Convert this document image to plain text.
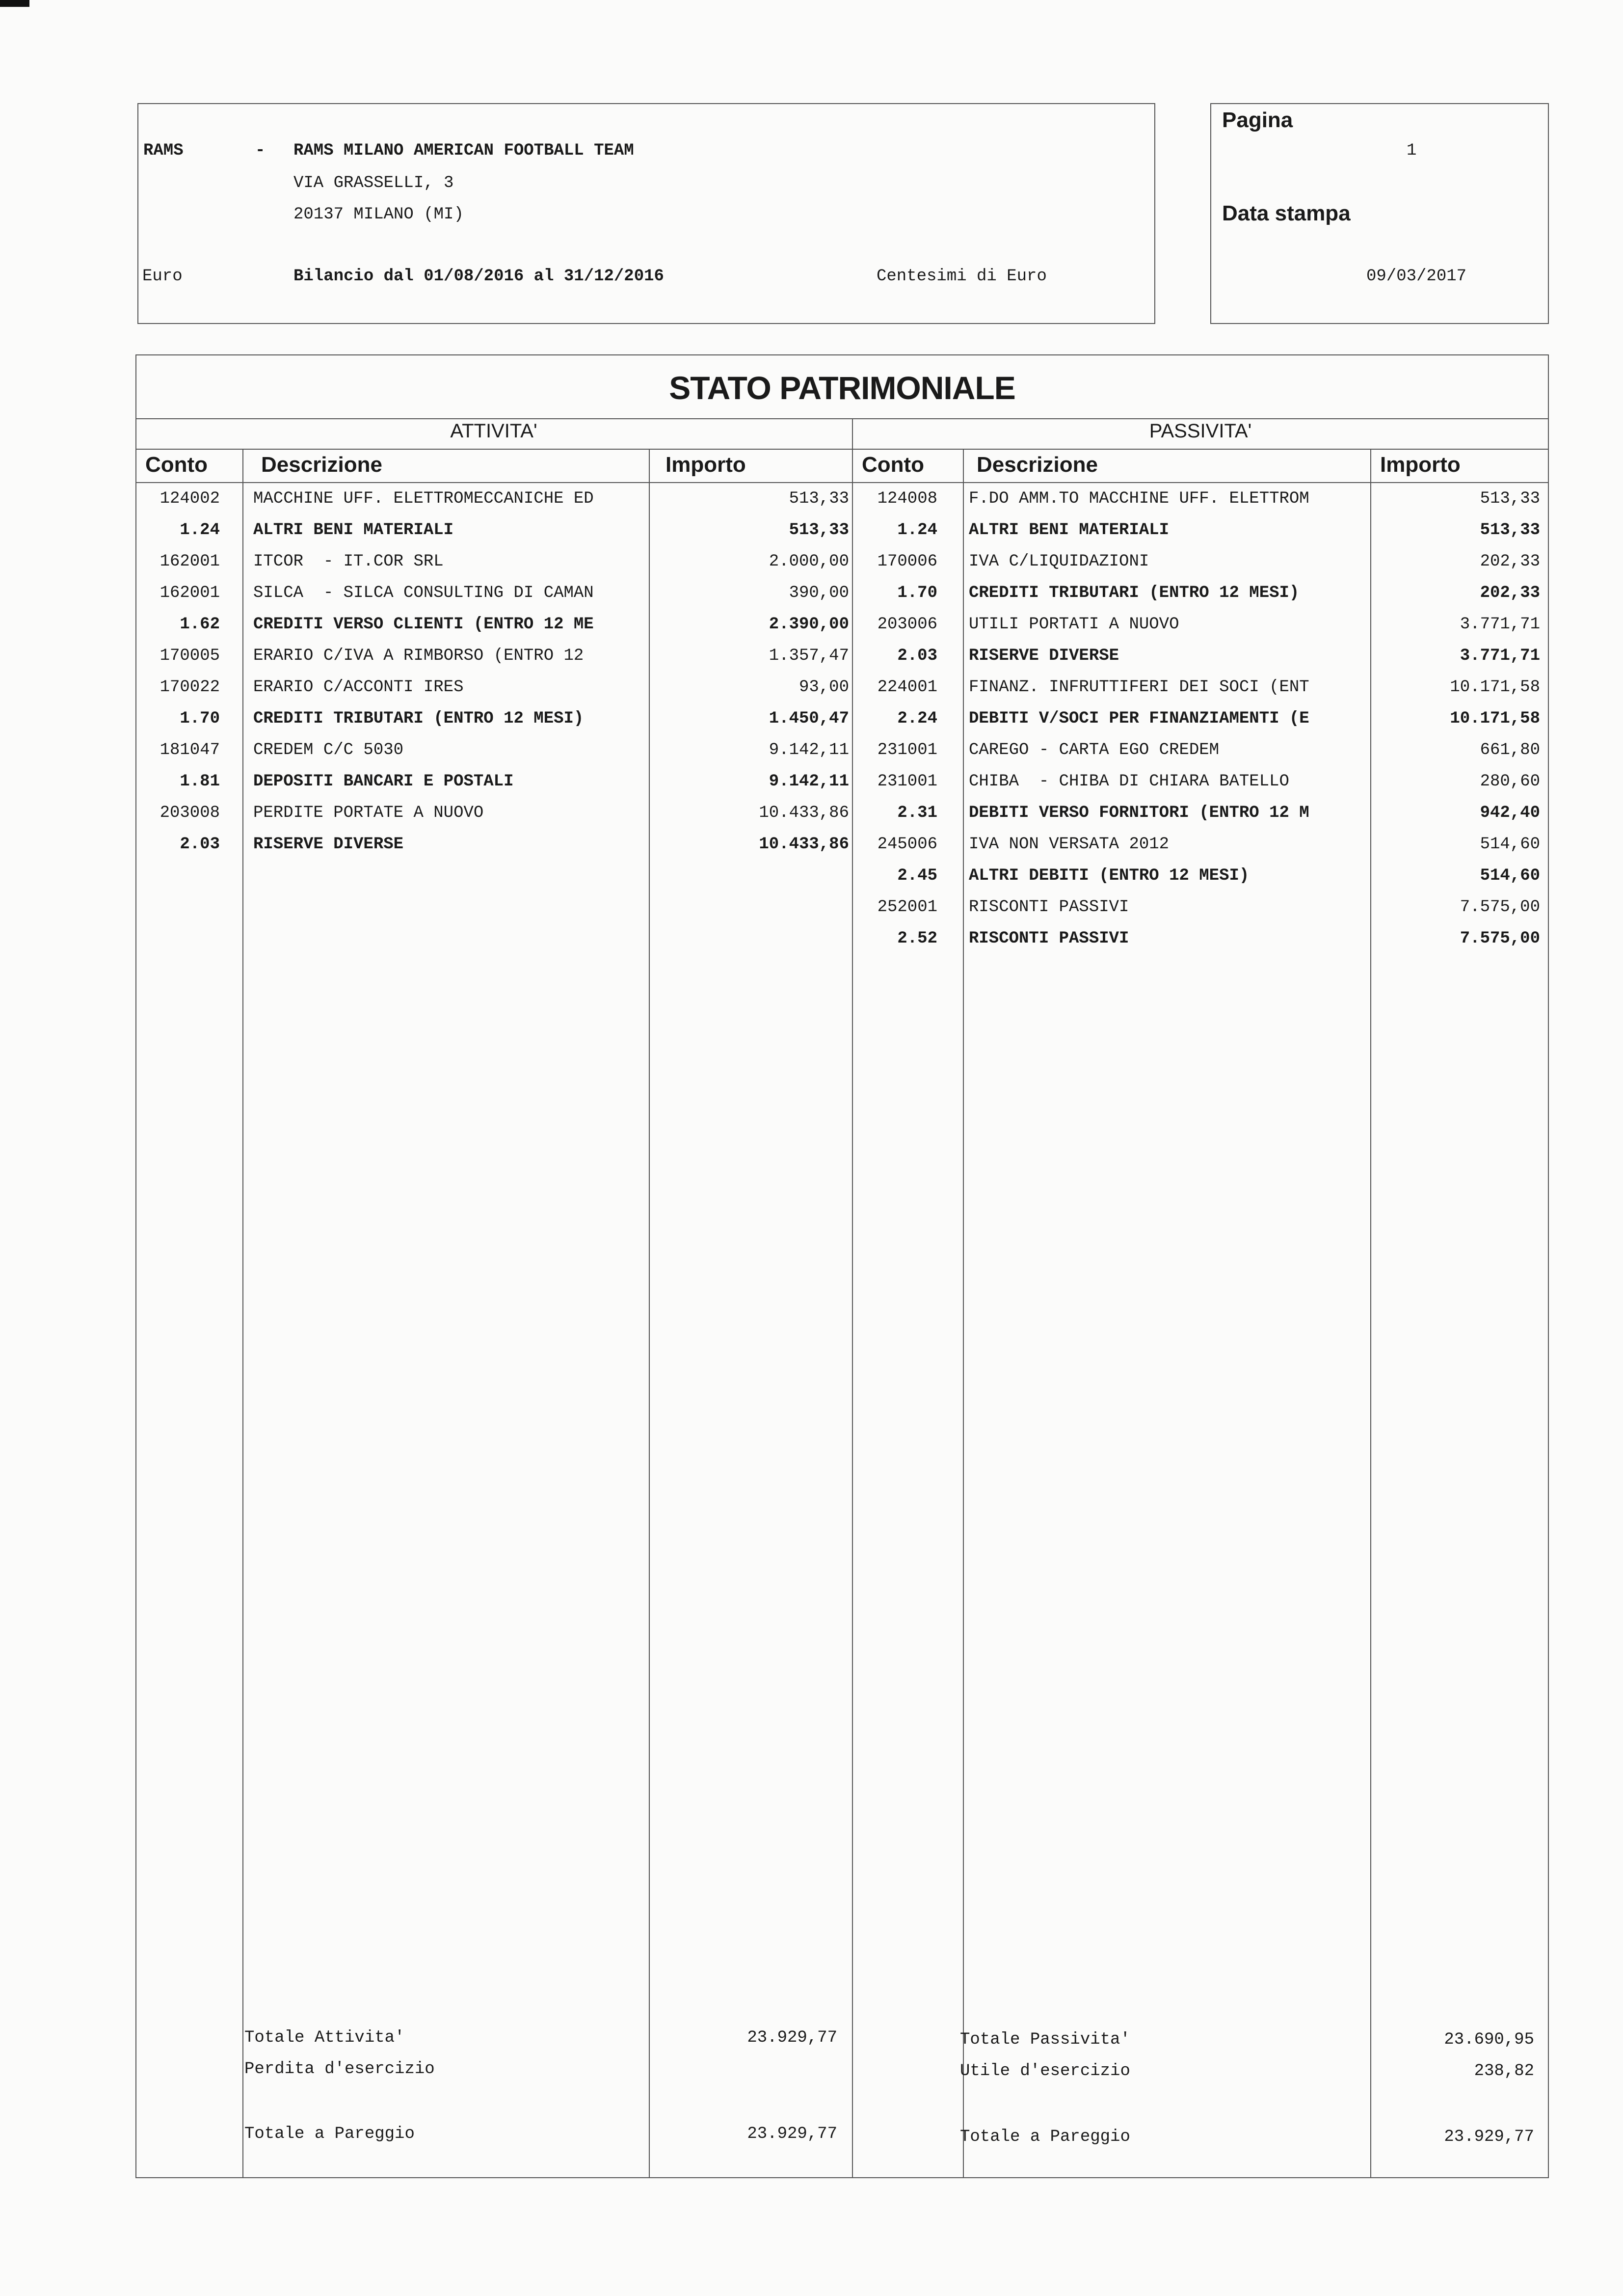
RAMS	- RAMS MILANO AMERICAN FOOTBALL TEAM
VIA GRASSELLI, 3
20137 MILANO (MI)
Euro	Bilancio dal 01/08/2016 al 31/12/2016	Centesimi di Euro
Pagina
1
Data stampa
09/03/2017
STATO PATRIMONIALE
ATTIVITA'	PASSIVITA'
Conto Descrizione	Importo	Conto Descrizione	Importo
124002 MACCHINE UFF. ELETTROMECCANICHE ED	513,33
1.24 ALTRI BENI MATERIALI	513,33
162001 ITCOR  - IT.COR SRL	2.000,00
162001 SILCA  - SILCA CONSULTING DI CAMAN	390,00
1.62 CREDITI VERSO CLIENTI (ENTRO 12 ME	2.390,00
170005 ERARIO C/IVA A RIMBORSO (ENTRO 12	1.357,47
170022 ERARIO C/ACCONTI IRES	93,00
1.70 CREDITI TRIBUTARI (ENTRO 12 MESI)	1.450,47
181047 CREDEM C/C 5030	9.142,11
1.81 DEPOSITI BANCARI E POSTALI	9.142,11
203008 PERDITE PORTATE A NUOVO	10.433,86
2.03 RISERVE DIVERSE	10.433,86
124008 F.DO AMM.TO MACCHINE UFF. ELETTROM	513,33
1.24 ALTRI BENI MATERIALI	513,33
170006 IVA C/LIQUIDAZIONI	202,33
1.70 CREDITI TRIBUTARI (ENTRO 12 MESI)	202,33
203006 UTILI PORTATI A NUOVO	3.771,71
2.03 RISERVE DIVERSE	3.771,71
224001 FINANZ. INFRUTTIFERI DEI SOCI (ENT	10.171,58
2.24 DEBITI V/SOCI PER FINANZIAMENTI (E	10.171,58
231001 CAREGO - CARTA EGO CREDEM	661,80
231001 CHIBA  - CHIBA DI CHIARA BATELLO	280,60
2.31 DEBITI VERSO FORNITORI (ENTRO 12 M	942,40
245006 IVA NON VERSATA 2012	514,60
2.45 ALTRI DEBITI (ENTRO 12 MESI)	514,60
252001 RISCONTI PASSIVI	7.575,00
2.52 RISCONTI PASSIVI	7.575,00
Totale Attivita'	23.929,77
Perdita d'esercizio
Totale a Pareggio	23.929,77
Totale Passivita'	23.690,95
Utile d'esercizio	238,82
Totale a Pareggio	23.929,77
